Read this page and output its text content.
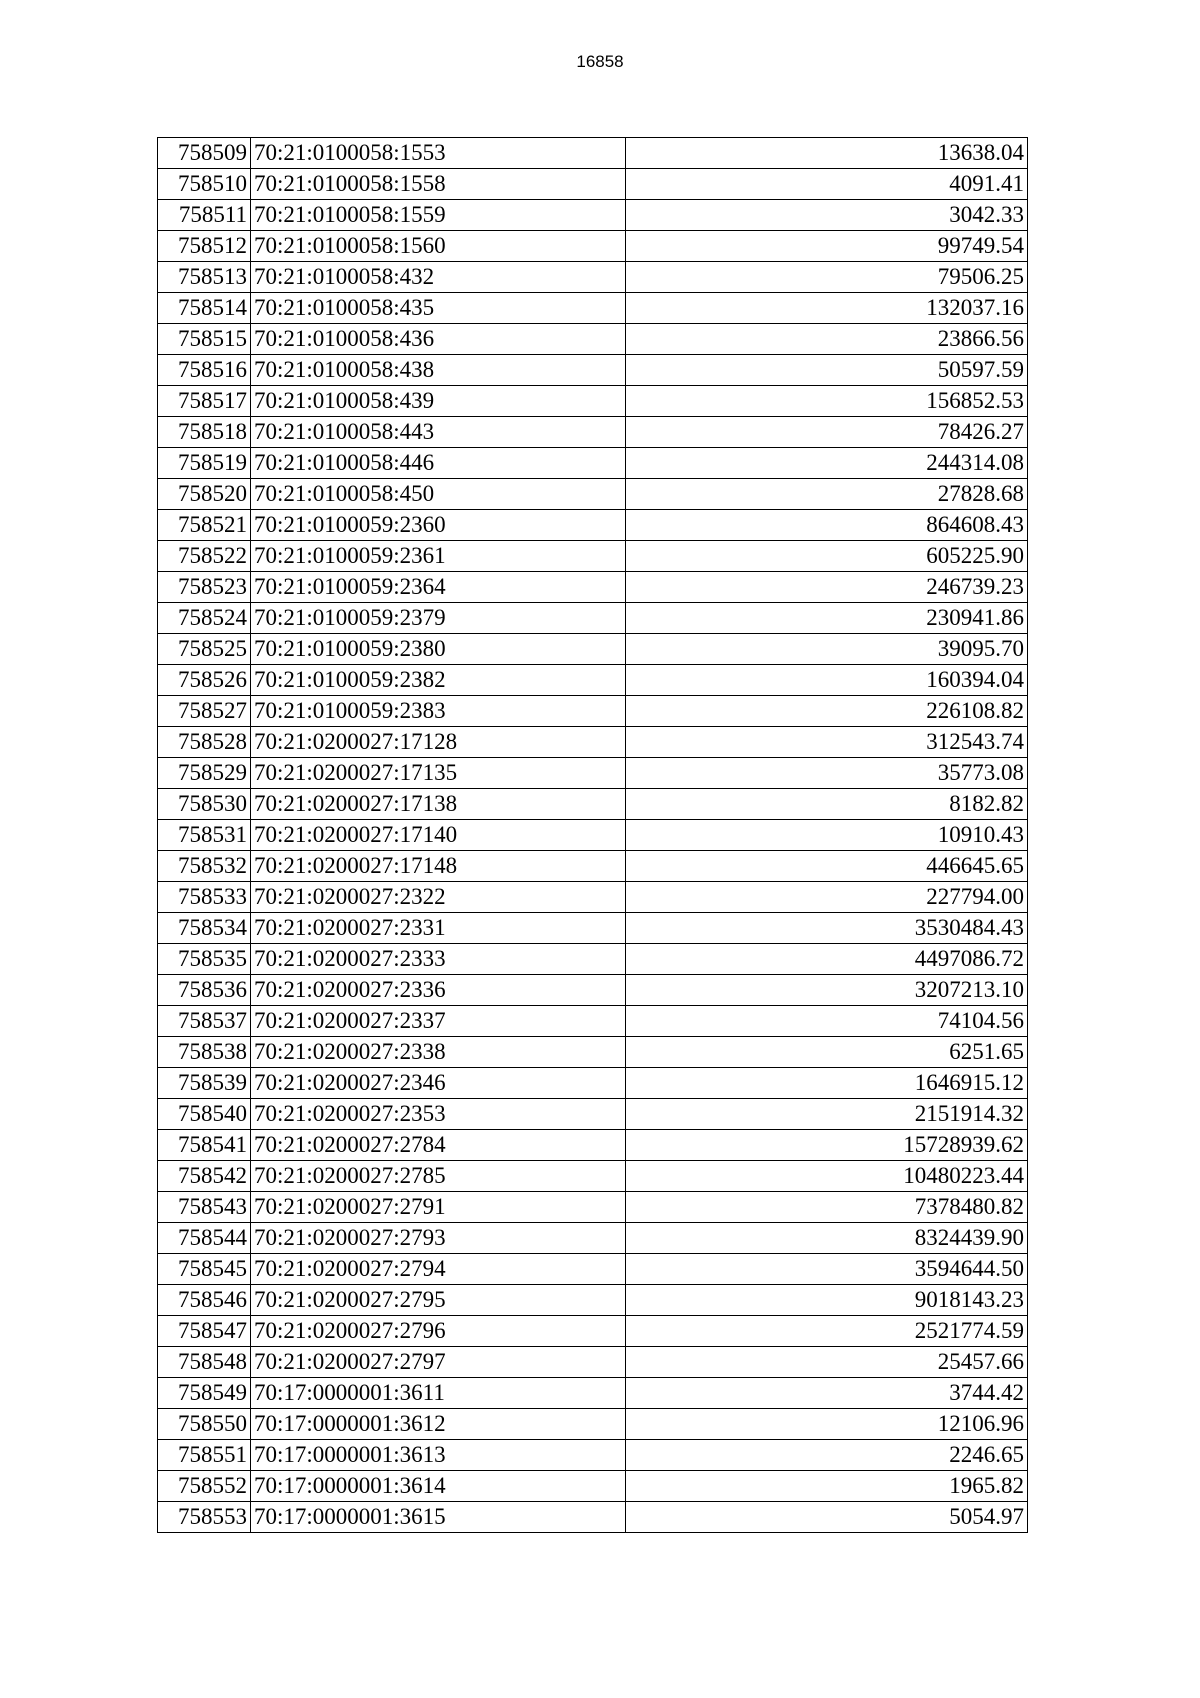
16858
758509	70:21:0100058:1553	13638.04
758510	70:21:0100058:1558	4091.41
758511	70:21:0100058:1559	3042.33
758512	70:21:0100058:1560	99749.54
758513	70:21:0100058:432	79506.25
758514	70:21:0100058:435	132037.16
758515	70:21:0100058:436	23866.56
758516	70:21:0100058:438	50597.59
758517	70:21:0100058:439	156852.53
758518	70:21:0100058:443	78426.27
758519	70:21:0100058:446	244314.08
758520	70:21:0100058:450	27828.68
758521	70:21:0100059:2360	864608.43
758522	70:21:0100059:2361	605225.90
758523	70:21:0100059:2364	246739.23
758524	70:21:0100059:2379	230941.86
758525	70:21:0100059:2380	39095.70
758526	70:21:0100059:2382	160394.04
758527	70:21:0100059:2383	226108.82
758528	70:21:0200027:17128	312543.74
758529	70:21:0200027:17135	35773.08
758530	70:21:0200027:17138	8182.82
758531	70:21:0200027:17140	10910.43
758532	70:21:0200027:17148	446645.65
758533	70:21:0200027:2322	227794.00
758534	70:21:0200027:2331	3530484.43
758535	70:21:0200027:2333	4497086.72
758536	70:21:0200027:2336	3207213.10
758537	70:21:0200027:2337	74104.56
758538	70:21:0200027:2338	6251.65
758539	70:21:0200027:2346	1646915.12
758540	70:21:0200027:2353	2151914.32
758541	70:21:0200027:2784	15728939.62
758542	70:21:0200027:2785	10480223.44
758543	70:21:0200027:2791	7378480.82
758544	70:21:0200027:2793	8324439.90
758545	70:21:0200027:2794	3594644.50
758546	70:21:0200027:2795	9018143.23
758547	70:21:0200027:2796	2521774.59
758548	70:21:0200027:2797	25457.66
758549	70:17:0000001:3611	3744.42
758550	70:17:0000001:3612	12106.96
758551	70:17:0000001:3613	2246.65
758552	70:17:0000001:3614	1965.82
758553	70:17:0000001:3615	5054.97
